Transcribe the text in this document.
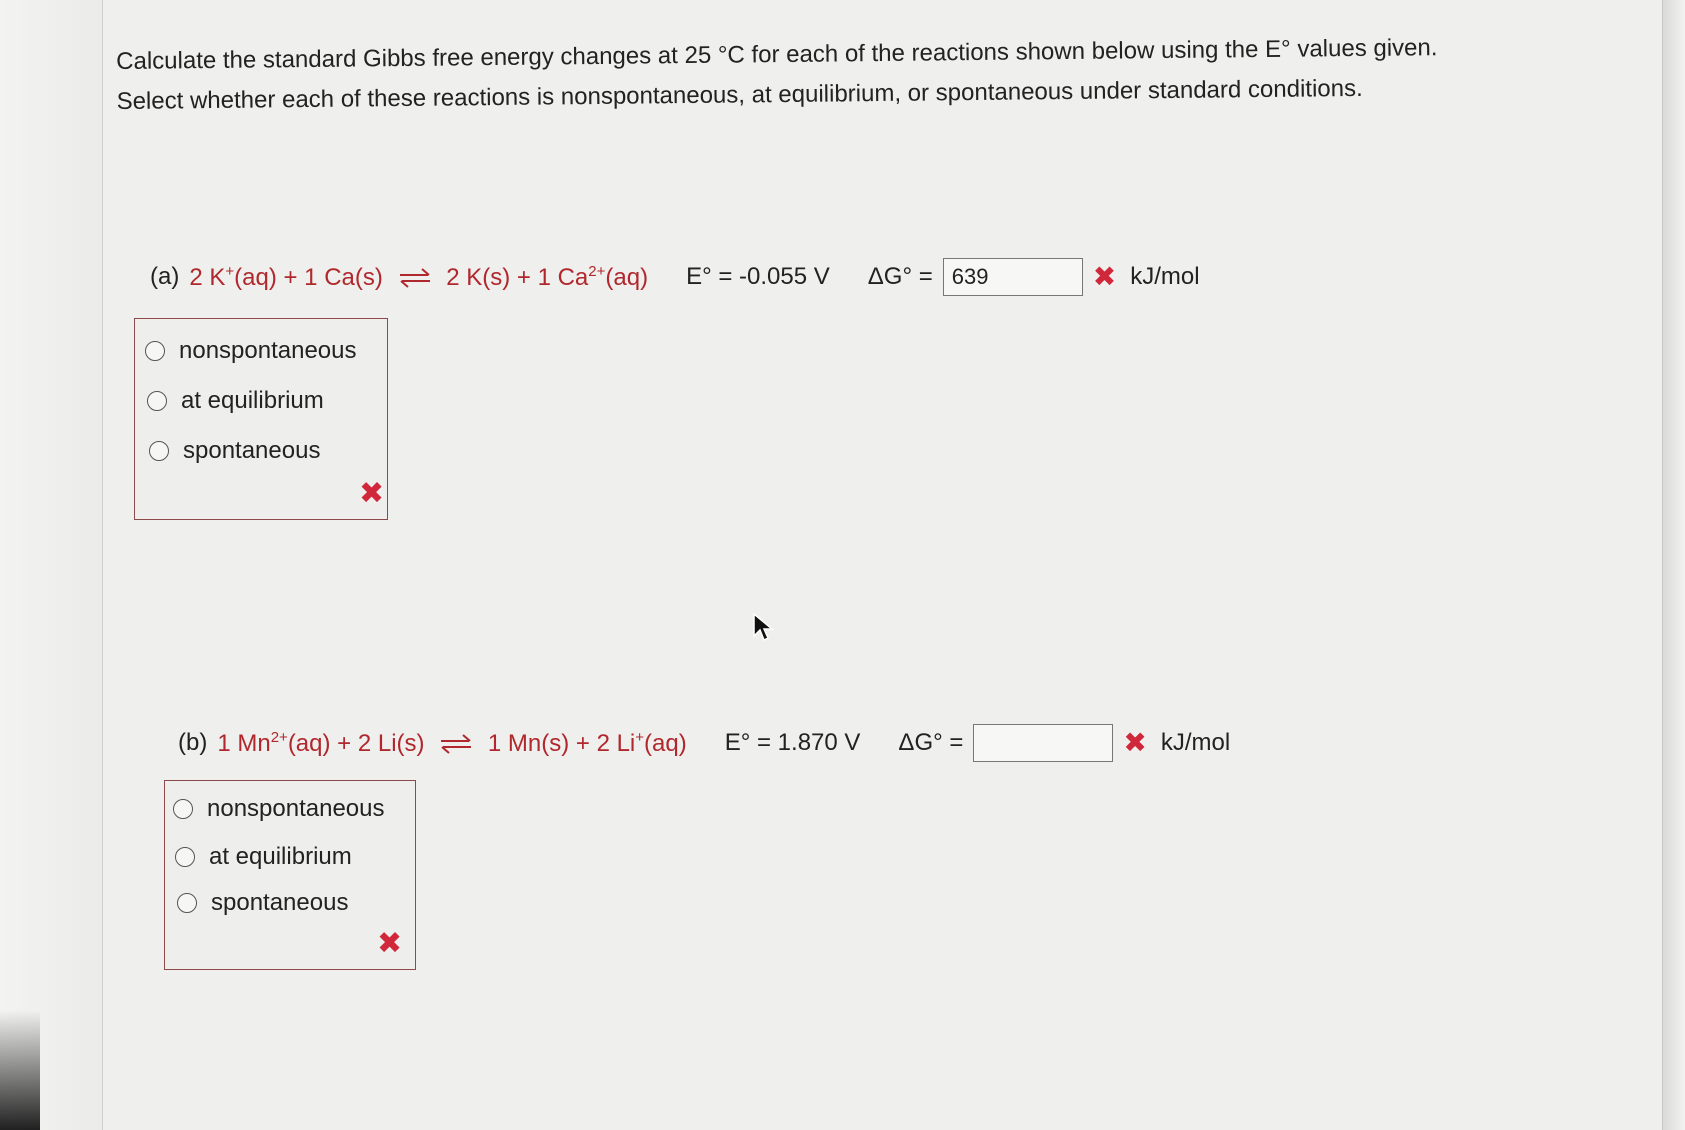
Calculate the standard Gibbs free energy changes at 25 °C for each of the reactions shown below using the E° values given.

Select whether each of these reactions is nonspontaneous, at equilibrium, or spontaneous under standard conditions.

(a) 2 K+(aq) + 1 Ca(s) ⇌ 2 K(s) + 1 $Ca^{2+}(aq) E^\circ = -0.055$ V ΔG° =
639	✖ kJ/mol
nonspontaneous
at equilibrium
spontaneous
✖
(b) 1 $Mn^{2+}(aq) + 2$ Li(s) ⇌ 1 Mn(s) + 2 Li+(aq) E° = 1.870 V ΔG° =	✖ kJ/mol
nonspontaneous
at equilibrium
spontaneous
✖
